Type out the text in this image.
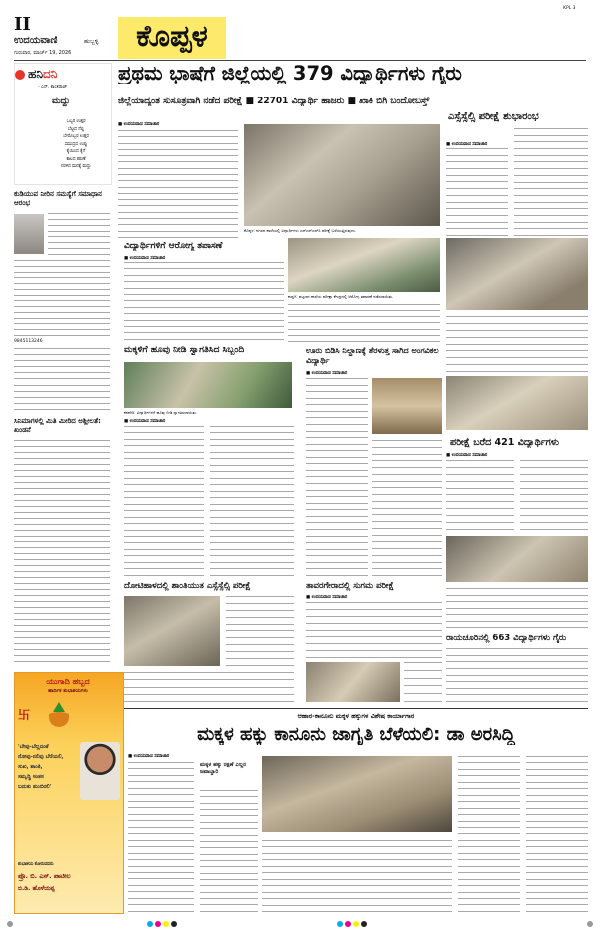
II
ಉದಯವಾಣಿ	ಹುಬ್ಬಳ್ಳಿ
ಗುರುವಾರ, ಮಾರ್ಚ್ 19, 2026	ಕೊಪ್ಪಳ
KPL 3
ಹನಿದನಿ
- ಎನ್. ಕಾಂತರಾಜ್
ಮದ್ದು
ಒಬ್ಬರ ಉತ್ತರ
ಬೆಟ್ಟದ ನೆಲ್ಲಿ
ಬೇರೊಬ್ಬರ ಉತ್ತರ
ಸಮುದ್ರದ ಉಪ್ಪು
ಕೈಯಿಂದ ಕೈಗೆ
ಕಾಲದ ಕರುಣೆ
ನರಳಿದ ಮನಕ್ಕೆ ಮದ್ದು
ಕುಡಿಯುವ ನೀರಿನ ಸಮಸ್ಯೆಗೆ ಸಮಾಧಾನ ಆರಂಭ
9845113246
ಸಿನಿಮಾಗಳಲ್ಲಿ ಮಿತಿ ಮೀರಿದ ಅಶ್ಲೀಲತೆ: ಖಂಡನೆ
ಯುಗಾದಿ ಹಬ್ಬದ
ಹಾರ್ದಿಕ ಶುಭಾಶಯಗಳು
卐
'ಬೇವು-ಬೆಲ್ಲದಂತೆ
ನೋವು-ನಲಿವು ಬೆರೆಯಲಿ,
ಸುಖ, ಶಾಂತಿ,
ಸಮೃದ್ಧಿ ಸಂತಸ
ಬದುಕು ತುಂಬಿರಲಿ'
ಶುಭಾಶಯ ಕೋರುವವರು
ಪ್ರೊ. ಬಿ. ಎಸ್. ಪಾಟೀಲ
ಬಿ.ಡಿ. ಹೊಳೆಯಪ್ಪ
ಪ್ರಥಮ ಭಾಷೆಗೆ ಜಿಲ್ಲೆಯಲ್ಲಿ 379 ವಿದ್ಯಾರ್ಥಿಗಳು ಗೈರು
ಜಿಲ್ಲೆಯಾದ್ಯಂತ ಸುಸೂತ್ರವಾಗಿ ನಡೆದ ಪರೀಕ್ಷೆ ■ 22701 ವಿದ್ಯಾರ್ಥಿ ಹಾಜರು ■ ಖಾಕಿ ಬಿಗಿ ಬಂದೋಬಸ್ತ್
ಎಸ್ಸೆಸ್ಸೆಲ್ಸಿ ಪರೀಕ್ಷೆ ಶುಭಾರಂಭ
■ ಉದಯವಾಣಿ ಸಮಾಚಾರ
ಕೊಪ್ಪಳ: ನಗರದ ಶಾಲೆಯಲ್ಲಿ ವಿದ್ಯಾರ್ಥಿಗಳು ಎಸ್‌ಎಸ್‌ಎಲ್‌ಸಿ ಪರೀಕ್ಷೆ ಬರೆಯುತ್ತಿರುವುದು.
■ ಉದಯವಾಣಿ ಸಮಾಚಾರ
ವಿದ್ಯಾರ್ಥಿಗಳಿಗೆ ಆರೋಗ್ಯ ತಪಾಸಣೆ
■ ಉದಯವಾಣಿ ಸಮಾಚಾರ
ಕುಷ್ಟಗಿ: ಪಟ್ಟಣದ ಶಾಲೆಯ ಪರೀಕ್ಷಾ ಕೇಂದ್ರದಲ್ಲಿ ಆರೋಗ್ಯ ತಪಾಸಣೆ ನಡೆಸಲಾಯಿತು.
ಮಕ್ಕಳಿಗೆ ಹೂವು ನೀಡಿ ಸ್ವಾಗತಿಸಿದ ಸಿಬ್ಬಂದಿ
ಕನಕಗಿರಿ: ವಿದ್ಯಾರ್ಥಿಗಳಿಗೆ ಹೂವು ನೀಡಿ ಸ್ವಾಗತಿಸಲಾಯಿತು.
■ ಉದಯವಾಣಿ ಸಮಾಚಾರ
ಊರು ಬಿಡಿಸಿ ನಿಲ್ದಾಣಕ್ಕೆ ತೆರಳುತ್ತ ಸಾಗಿದ ಅಂಗವಿಕಲ ವಿದ್ಯಾರ್ಥಿ
■ ಉದಯವಾಣಿ ಸಮಾಚಾರ
ಪರೀಕ್ಷೆ ಬರೆದ 421 ವಿದ್ಯಾರ್ಥಿಗಳು
■ ಉದಯವಾಣಿ ಸಮಾಚಾರ
ದೋಟಿಹಾಳದಲ್ಲಿ ಶಾಂತಿಯುತ ಎಸ್ಸೆಸ್ಸೆಲ್ಸಿ ಪರೀಕ್ಷೆ	ತಾವರಗೇರಾದಲ್ಲಿ ಸುಗಮ ಪರೀಕ್ಷೆ
■ ಉದಯವಾಣಿ ಸಮಾಚಾರ
ರಾಯಚೂರಿನಲ್ಲಿ 663 ವಿದ್ಯಾರ್ಥಿಗಳು ಗೈರು
ಆಹಾರ-ಕಾನೂನು ಮಕ್ಕಳ ಹಕ್ಕುಗಳ ವಿಶೇಷ ಕಾರ್ಯಾಗಾರ
ಮಕ್ಕಳ ಹಕ್ಕು ಕಾನೂನು ಜಾಗೃತಿ ಬೆಳೆಯಲಿ: ಡಾ ಅರಸಿದ್ದಿ
■ ಉದಯವಾಣಿ ಸಮಾಚಾರ
ಮಕ್ಕಳ ಹಕ್ಕು ರಕ್ಷಣೆ ಎಲ್ಲರ ಜವಾಬ್ದಾರಿ
